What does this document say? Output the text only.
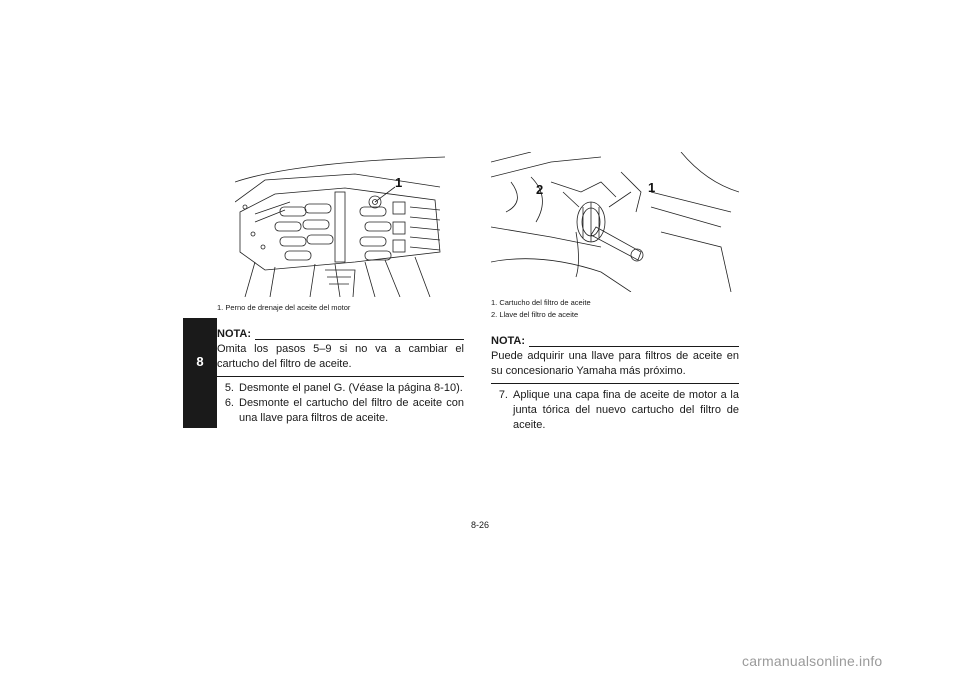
8
1
1. Perno de drenaje del aceite del motor
NOTA:
Omita los pasos 5–9 si no va a cambiar el cartucho del filtro de aceite.
5. Desmonte el panel G. (Véase la página 8-10).
6. Desmonte el cartucho del filtro de aceite con una llave para filtros de aceite.
2	1
1. Cartucho del filtro de aceite
2. Llave del filtro de aceite
NOTA:
Puede adquirir una llave para filtros de aceite en su concesionario Yamaha más próximo.
7. Aplique una capa fina de aceite de motor a la junta tórica del nuevo cartucho del filtro de aceite.
8-26
carmanualsonline.info
